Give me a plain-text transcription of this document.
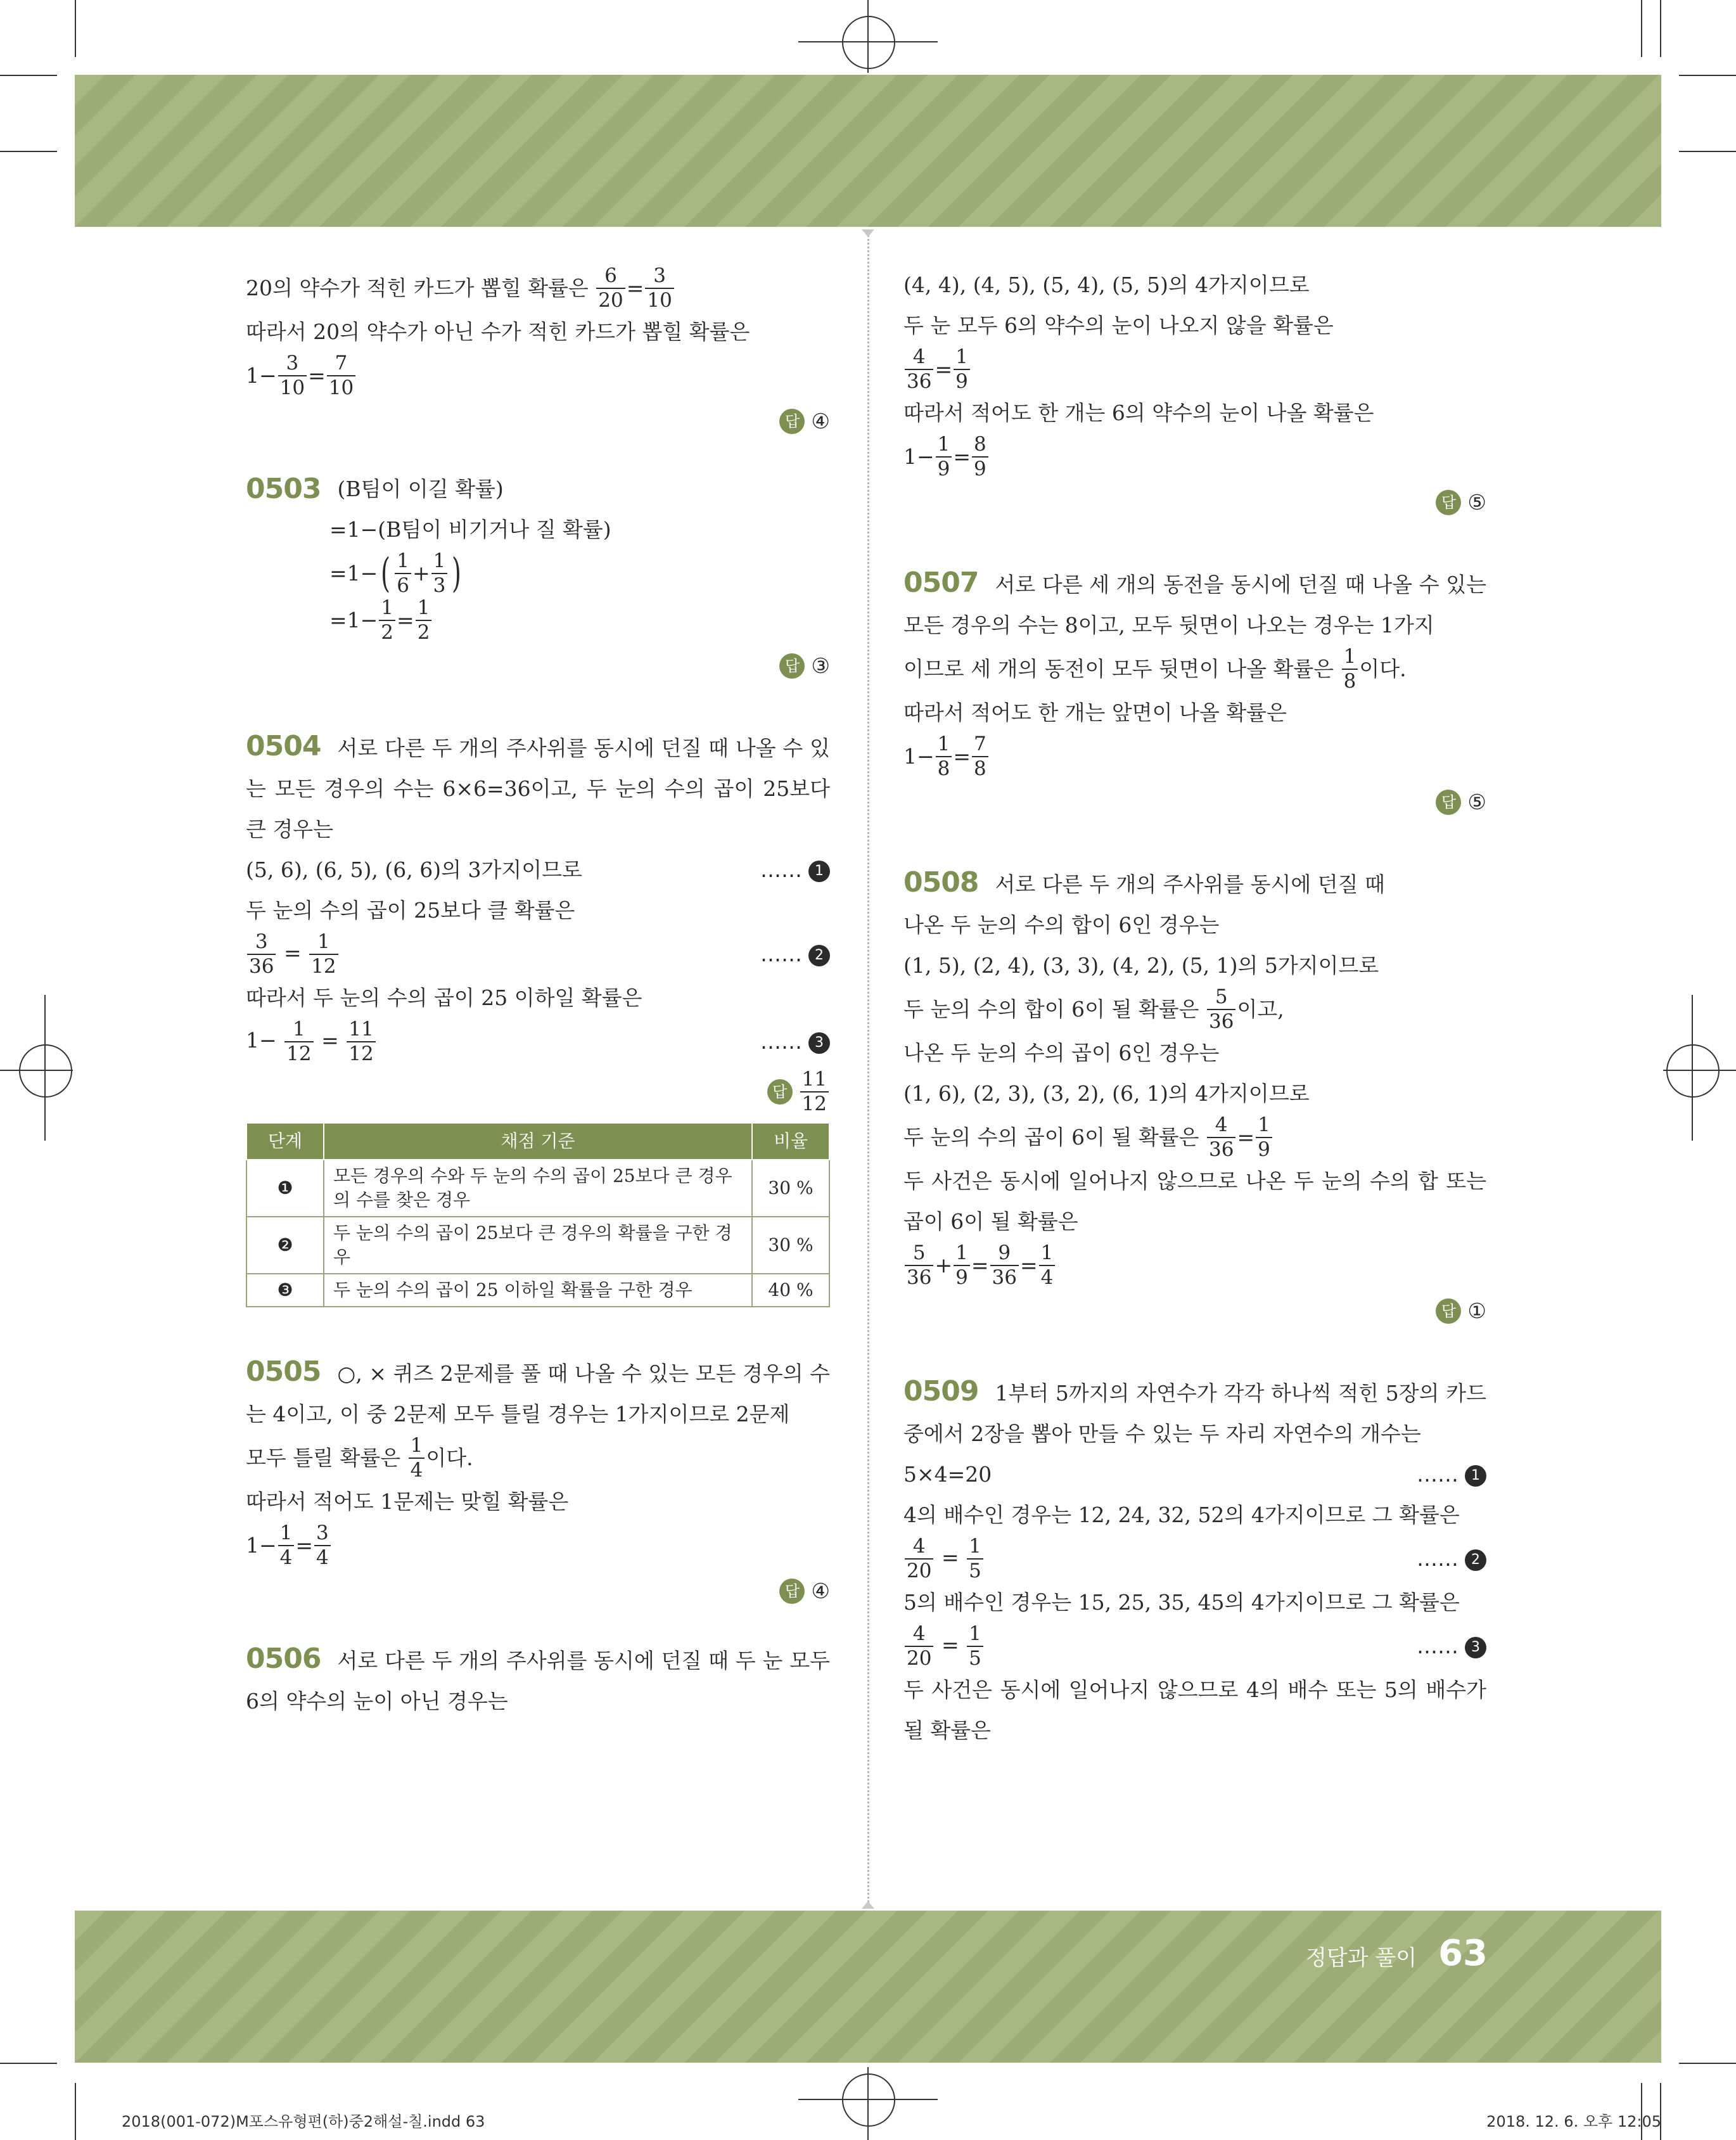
정답과 풀이 63
2018(001-072)M포스유형편(하)중2해설-칠.indd 63	2018. 12. 6. 오후 12:05
20의 약수가 적힌 카드가 뽑힐 확률은
$\frac{6}{20} = \frac{3}{10}$

따라서 20의 약수가 아닌 수가 적힌 카드가 뽑힐 확률은

$1- \frac{3}{10} = \frac{7}{10}$
답 ④
0503 (B팀이 이길 확률)

=1−(B팀이 비기거나 질 확률)

=1− ( $\frac{1}{6} + \frac{1}{3}$ )
$=1- \frac{1}{2} = \frac{1}{2}$
답 ③

0504 서로 다른 두 개의 주사위를 동시에 던질 때 나올 수 있는 모든 경우의 수는 6×6=36이고, 두 눈의 수의 곱이 25보다 큰 경우는

(5, 6), (6, 5), (6, 6)의 3가지이므로	…… 1

두 눈의 수의 곱이 25보다 클 확률은

$\frac{3}{36} = \frac{1}{12}$	…… 2

따라서 두 눈의 수의 곱이 25 이하일 확률은

$1- \frac{1}{12} = \frac{11}{12}$	…… 3
답 $\frac{11}{12}$
단계	채점 기준	비율
❶	모든 경우의 수와 두 눈의 수의 곱이 25보다 큰 경우의 수를 찾은 경우	30 %
❷	두 눈의 수의 곱이 25보다 큰 경우의 확률을 구한 경우	30 %
❸	두 눈의 수의 곱이 25 이하일 확률을 구한 경우	40 %

0505 ○, × 퀴즈 2문제를 풀 때 나올 수 있는 모든 경우의 수는 4이고, 이 중 2문제 모두 틀릴 경우는 1가지이므로 2문제

모두 틀릴 확률은
$\frac{1}{4}$ 이다.

따라서 적어도 1문제는 맞힐 확률은

$1- \frac{1}{4} = \frac{3}{4}$
답 ④

0506 서로 다른 두 개의 주사위를 동시에 던질 때 두 눈 모두 6의 약수의 눈이 아닌 경우는

(4, 4), (4, 5), (5, 4), (5, 5)의 4가지이므로

두 눈 모두 6의 약수의 눈이 나오지 않을 확률은

$\frac{4}{36} = \frac{1}{9}$

따라서 적어도 한 개는 6의 약수의 눈이 나올 확률은

$1- \frac{1}{9} = \frac{8}{9}$
답 ⑤

0507 서로 다른 세 개의 동전을 동시에 던질 때 나올 수 있는 모든 경우의 수는 8이고, 모두 뒷면이 나오는 경우는 1가지

이므로 세 개의 동전이 모두 뒷면이 나올 확률은
$\frac{1}{8}$ 이다.

따라서 적어도 한 개는 앞면이 나올 확률은

$1- \frac{1}{8} = \frac{7}{8}$
답 ⑤

0508 서로 다른 두 개의 주사위를 동시에 던질 때

나온 두 눈의 수의 합이 6인 경우는

(1, 5), (2, 4), (3, 3), (4, 2), (5, 1)의 5가지이므로

두 눈의 수의 합이 6이 될 확률은
$\frac{5}{36}$ 이고,

나온 두 눈의 수의 곱이 6인 경우는

(1, 6), (2, 3), (3, 2), (6, 1)의 4가지이므로

두 눈의 수의 곱이 6이 될 확률은
$\frac{4}{36} = \frac{1}{9}$

두 사건은 동시에 일어나지 않으므로 나온 두 눈의 수의 합 또는 곱이 6이 될 확률은

$\frac{5}{36} + \frac{1}{9} = \frac{9}{36} = \frac{1}{4}$
답 ①

0509 1부터 5까지의 자연수가 각각 하나씩 적힌 5장의 카드 중에서 2장을 뽑아 만들 수 있는 두 자리 자연수의 개수는

5×4=20	…… 1

4의 배수인 경우는 12, 24, 32, 52의 4가지이므로 그 확률은

$\frac{4}{20} = \frac{1}{5}$	…… 2

5의 배수인 경우는 15, 25, 35, 45의 4가지이므로 그 확률은

$\frac{4}{20} = \frac{1}{5}$	…… 3

두 사건은 동시에 일어나지 않으므로 4의 배수 또는 5의 배수가 될 확률은
